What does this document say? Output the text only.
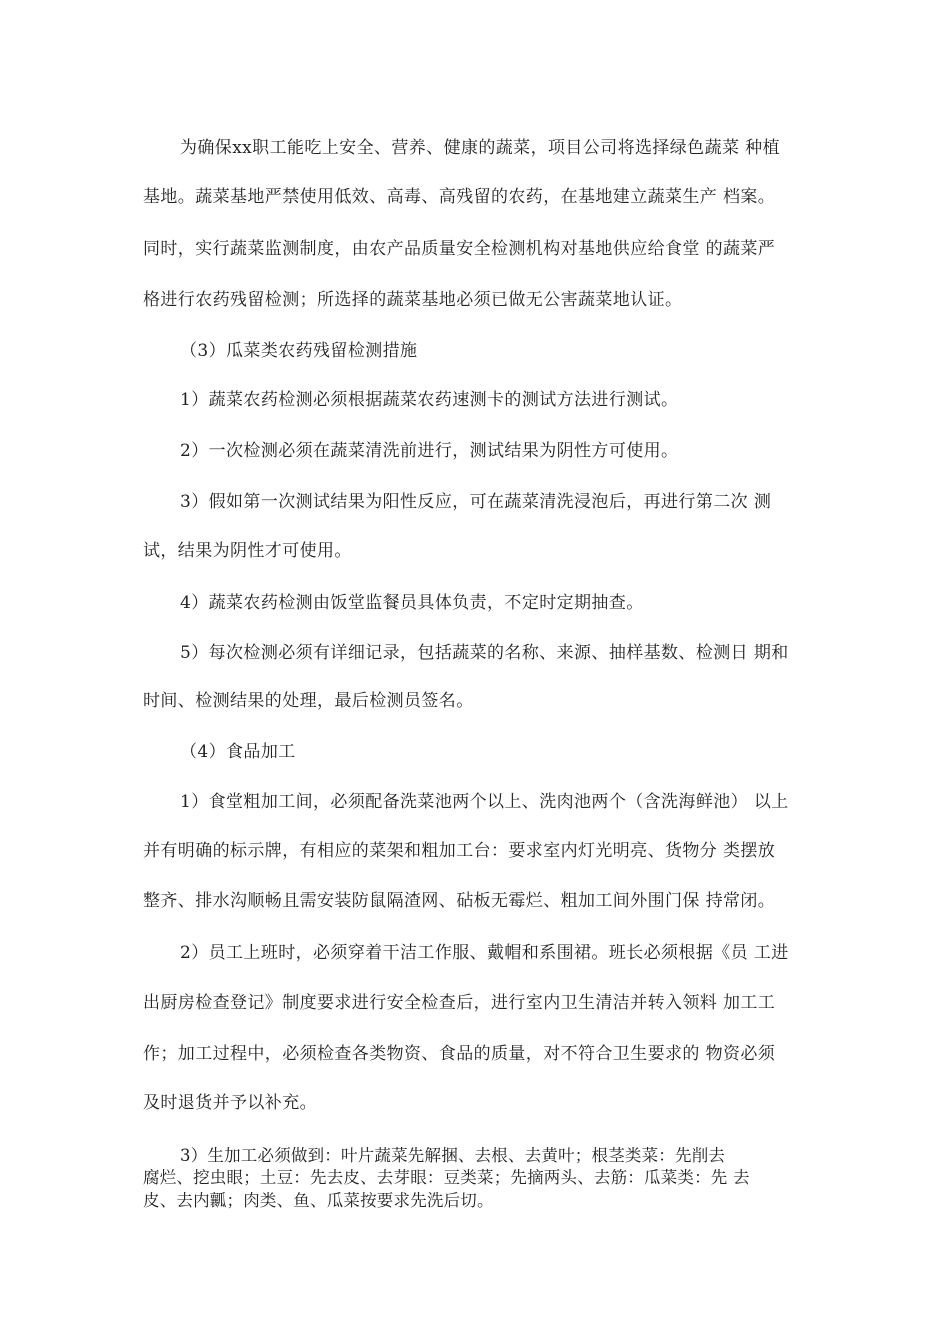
为确保xx职工能吃上安全、营养、健康的蔬菜，项目公司将选择绿色蔬菜 种植
基地。蔬菜基地严禁使用低效、高毒、高残留的农药，在基地建立蔬菜生产 档案。
同时，实行蔬菜监测制度，由农产品质量安全检测机构对基地供应给食堂 的蔬菜严
格进行农药残留检测；所选择的蔬菜基地必须已做无公害蔬菜地认证。
（3）瓜菜类农药残留检测措施
1）蔬菜农药检测必须根据蔬菜农药速测卡的测试方法进行测试。
2）一次检测必须在蔬菜清洗前进行，测试结果为阴性方可使用。
3）假如第一次测试结果为阳性反应，可在蔬菜清洗浸泡后，再进行第二次 测
试，结果为阴性才可使用。
4）蔬菜农药检测由饭堂监餐员具体负责，不定时定期抽查。
5）每次检测必须有详细记录，包括蔬菜的名称、来源、抽样基数、检测日 期和
时间、检测结果的处理，最后检测员签名。
（4）食品加工
1）食堂粗加工间，必须配备洗菜池两个以上、洗肉池两个（含洗海鲜池） 以上
并有明确的标示牌，有相应的菜架和粗加工台：要求室内灯光明亮、货物分 类摆放
整齐、排水沟顺畅且需安装防鼠隔渣网、砧板无霉烂、粗加工间外围门保 持常闭。
2）员工上班时，必须穿着干洁工作服、戴帽和系围裙。班长必须根据《员 工进
出厨房检查登记》制度要求进行安全检查后，进行室内卫生清洁并转入领料 加工工
作；加工过程中，必须检查各类物资、食品的质量，对不符合卫生要求的 物资必须
及时退货并予以补充。
3）生加工必须做到：叶片蔬菜先解捆、去根、去黄叶；根茎类菜：先削去
腐烂、挖虫眼；土豆：先去皮、去芽眼：豆类菜；先摘两头、去筋：瓜菜类：先 去
皮、去内瓤；肉类、鱼、瓜菜按要求先洗后切。
